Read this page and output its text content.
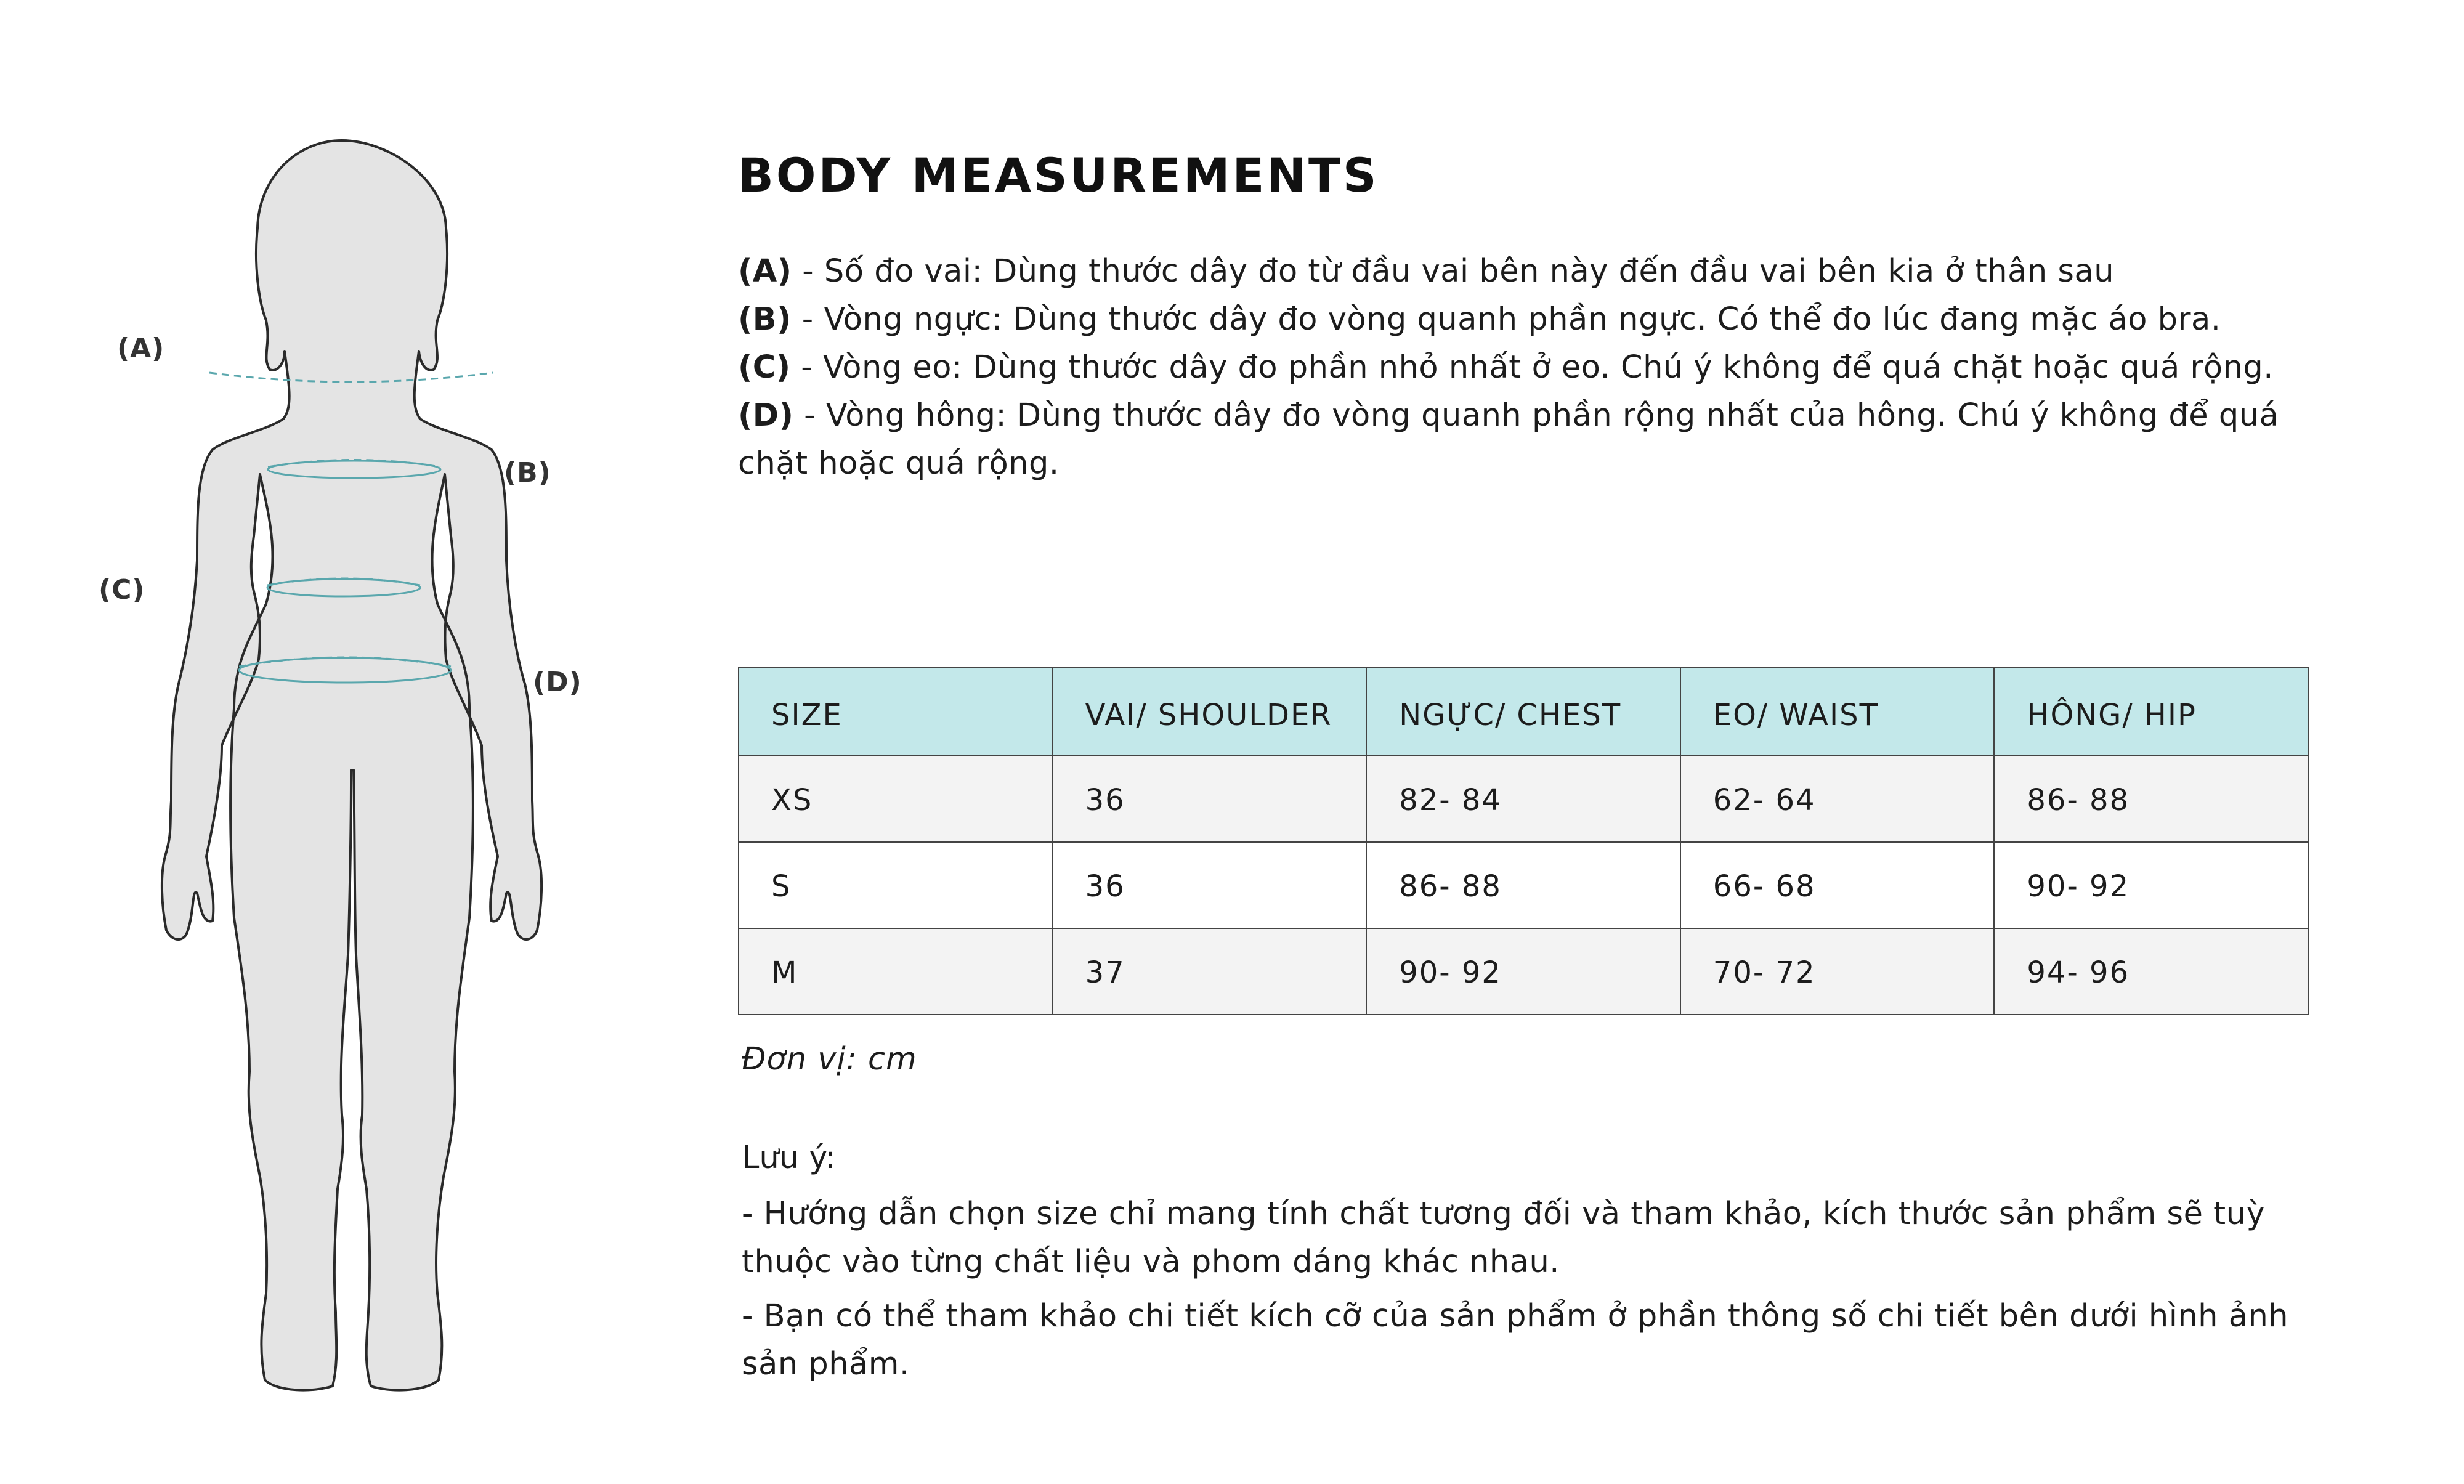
(A)
(B)
(C)
(D)
BODY MEASUREMENTS

(A) - Số đo vai: Dùng thước dây đo từ đầu vai bên này đến đầu vai bên kia ở thân sau

(B) - Vòng ngực: Dùng thước dây đo vòng quanh phần ngực. Có thể đo lúc đang mặc áo bra.

(C) - Vòng eo: Dùng thước dây đo phần nhỏ nhất ở eo. Chú ý không để quá chặt hoặc quá rộng.

(D) - Vòng hông: Dùng thước dây đo vòng quanh phần rộng nhất của hông. Chú ý không để quá chặt hoặc quá rộng.

SIZE	VAI/ SHOULDER	NGỰC/ CHEST	EO/ WAIST	HÔNG/ HIP
XS	36	82- 84	62- 64	86- 88
S	36	86- 88	66- 68	90- 92
M	37	90- 92	70- 72	94- 96
Đơn vị: cm
Lưu ý:

- Hướng dẫn chọn size chỉ mang tính chất tương đối và tham khảo, kích thước sản phẩm sẽ tuỳ thuộc vào từng chất liệu và phom dáng khác nhau.

- Bạn có thể tham khảo chi tiết kích cỡ của sản phẩm ở phần thông số chi tiết bên dưới hình ảnh sản phẩm.
